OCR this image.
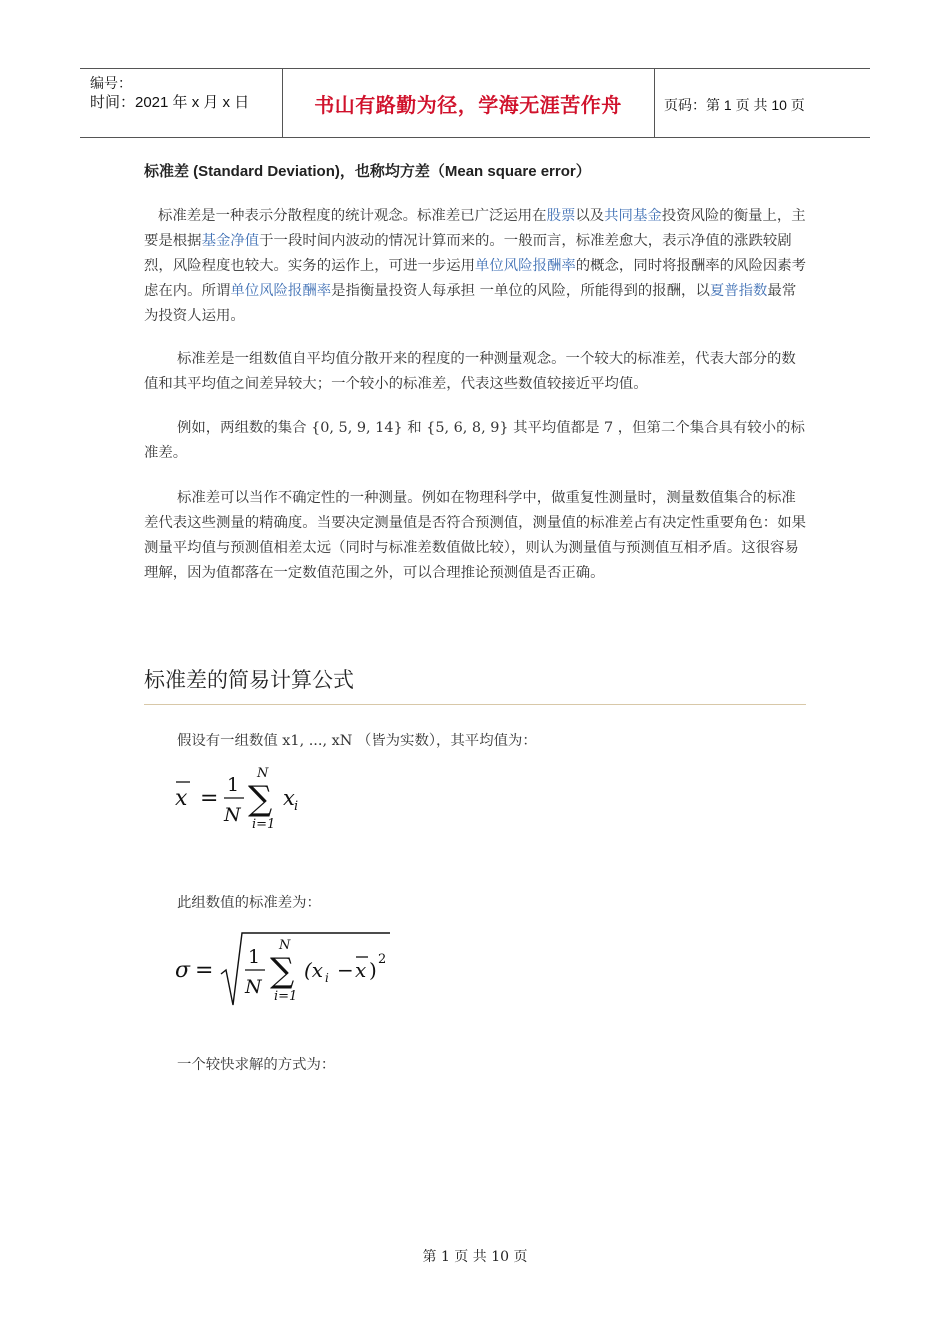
编号：
时间：2021 年 x 月 x 日	书山有路勤为径，学海无涯苦作舟	页码：第 1 页 共 10 页
标准差 (Standard Deviation)，也称均方差（Mean square error）

标准差是一种表示分散程度的统计观念。标准差已广泛运用在股票以及共同基金投资风险的衡量上，主要是根据基金净值于一段时间内波动的情况计算而来的。一般而言，标准差愈大，表示净值的涨跌较剧烈，风险程度也较大。实务的运作上，可进一步运用单位风险报酬率的概念，同时将报酬率的风险因素考虑在内。所谓单位风险报酬率是指衡量投资人每承担 一单位的风险，所能得到的报酬，以夏普指数最常为投资人运用。

标准差是一组数值自平均值分散开来的程度的一种测量观念。一个较大的标准差，代表大部分的数值和其平均值之间差异较大；一个较小的标准差，代表这些数值较接近平均值。

例如，两组数的集合 {0, 5, 9, 14} 和 {5, 6, 8, 9} 其平均值都是 7 ，但第二个集合具有较小的标准差。

标准差可以当作不确定性的一种测量。例如在物理科学中，做重复性测量时，测量数值集合的标准差代表这些测量的精确度。当要决定测量值是否符合预测值，测量值的标准差占有决定性重要角色：如果测量平均值与预测值相差太远（同时与标准差数值做比较），则认为测量值与预测值互相矛盾。这很容易理解，因为值都落在一定数值范围之外，可以合理推论预测值是否正确。

标准差的简易计算公式

假设有一组数值 x1, ..., xN （皆为实数），其平均值为：

x =
1
N
N
∑
i=1
x i

此组数值的标准差为：

σ =
1
N
N
∑
i=1
(x i − x ) 2

一个较快求解的方式为：

第 1 页 共 10 页
